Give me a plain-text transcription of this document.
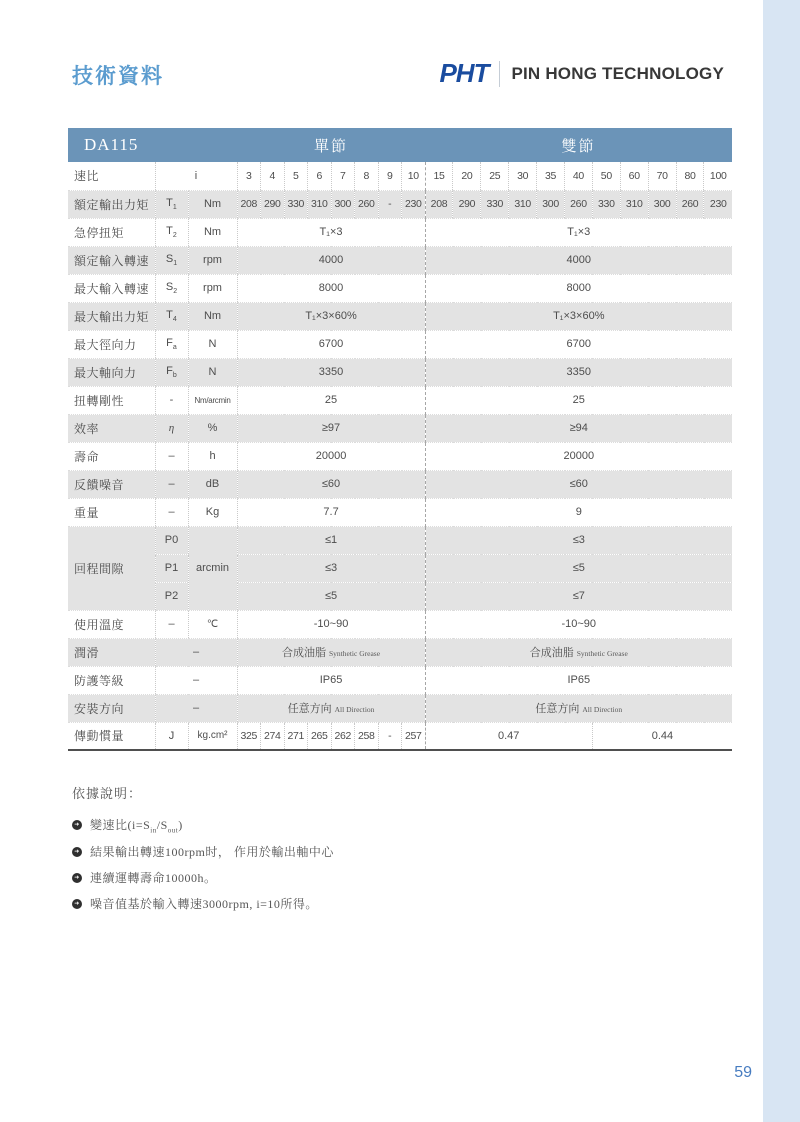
技術資料	PHT PIN HONG TECHNOLOGY
DA115			單節								雙節										
速比	i		3	4	5	6	7	8	9	10	15	20	25	30	35	40	50	60	70	80	100
額定輸出力矩	$T_1$	Nm	208	290	330	310	300	260	-	230	208	290	330	310	300	260	330	310	300	260	230
急停扭矩	$T_2$	Nm	T₁×3								T₁×3										
額定輸入轉速	$S_1$	rpm	4000								4000										
最大輸入轉速	$S_2$	rpm	8000								8000										
最大輸出力矩	$T_4$	Nm	T₁×3×60%								T₁×3×60%										
最大徑向力	$F_a$	N	6700								6700										
最大軸向力	$F_b$	N	3350								3350										
扭轉剛性	-	Nm/arcmin	25								25										
效率	η	%	≥97								≥94										
壽命	–	h	20000								20000										
反饋噪音	–	dB	≤60								≤60										
重量	–	Kg	7.7								9										
回程間隙	P0	arcmin	≤1								≤3										
	P1		≤3								≤5										
	P2		≤5								≤7										
使用溫度	–	℃	-10~90								-10~90										
潤滑	–		合成油脂 Synthetic Grease								合成油脂 Synthetic Grease										
防護等級	–		IP65								IP65										
安裝方向	–		任意方向 All Direction								任意方向 All Direction										
傳動慣量	J	kg.cm²	325	274	271	265	262	258	-	257	0.47						0.44				
依據說明：
➜ 變速比$(i=S_{in}/S_{out})$
➜ 結果輸出轉速100rpm时， 作用於輸出軸中心
➜ 連續運轉壽命10000h。
➜ 噪音值基於輸入轉速3000rpm, i=10所得。
59
